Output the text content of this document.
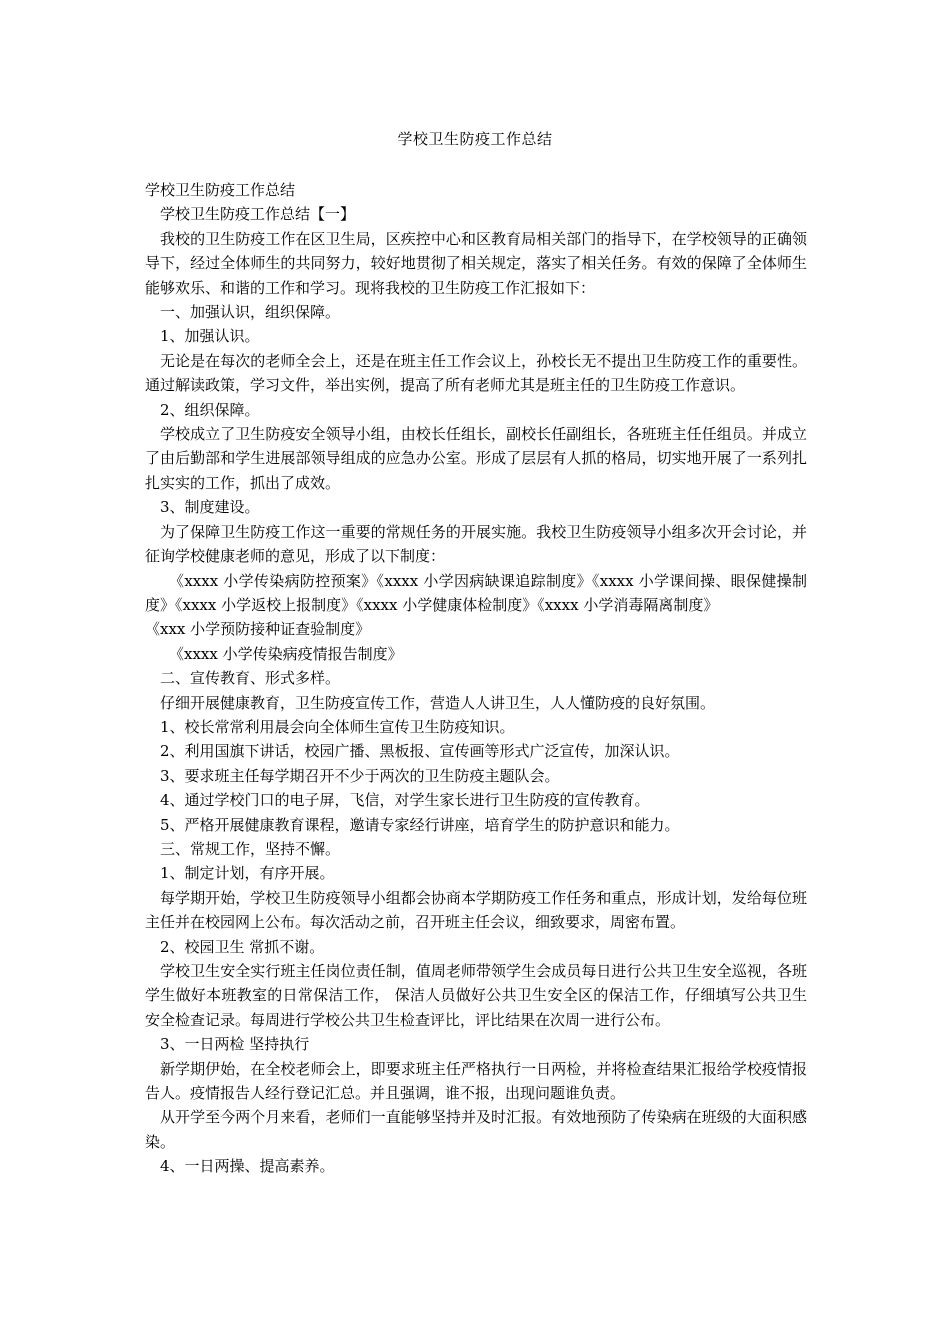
学校卫生防疫工作总结

学校卫生防疫工作总结

学校卫生防疫工作总结【一】

我校的卫生防疫工作在区卫生局，区疾控中心和区教育局相关部门的指导下，在学校领导的正确领导下，经过全体师生的共同努力，较好地贯彻了相关规定，落实了相关任务。有效的保障了全体师生能够欢乐、和谐的工作和学习。现将我校的卫生防疫工作汇报如下：

一、加强认识，组织保障。

1、加强认识。

无论是在每次的老师全会上，还是在班主任工作会议上，孙校长无不提出卫生防疫工作的重要性。通过解读政策，学习文件，举出实例，提高了所有老师尤其是班主任的卫生防疫工作意识。

2、组织保障。

学校成立了卫生防疫安全领导小组，由校长任组长，副校长任副组长，各班班主任任组员。并成立了由后勤部和学生进展部领导组成的应急办公室。形成了层层有人抓的格局，切实地开展了一系列扎扎实实的工作，抓出了成效。

3、制度建设。

为了保障卫生防疫工作这一重要的常规任务的开展实施。我校卫生防疫领导小组多次开会讨论，并征询学校健康老师的意见，形成了以下制度：

《xxxx 小学传染病防控预案》《xxxx 小学因病缺课追踪制度》《xxxx 小学课间操、眼保健操制度》《xxxx 小学返校上报制度》《xxxx 小学健康体检制度》《xxxx 小学消毒隔离制度》

《xxx 小学预防接种证查验制度》

《xxxx 小学传染病疫情报告制度》

二、宣传教育、形式多样。

仔细开展健康教育，卫生防疫宣传工作，营造人人讲卫生，人人懂防疫的良好氛围。

1、校长常常利用晨会向全体师生宣传卫生防疫知识。

2、利用国旗下讲话，校园广播、黑板报、宣传画等形式广泛宣传，加深认识。

3、要求班主任每学期召开不少于两次的卫生防疫主题队会。

4、通过学校门口的电子屏，飞信，对学生家长进行卫生防疫的宣传教育。

5、严格开展健康教育课程，邀请专家经行讲座，培育学生的防护意识和能力。

三、常规工作，坚持不懈。

1、制定计划，有序开展。

每学期开始，学校卫生防疫领导小组都会协商本学期防疫工作任务和重点，形成计划，发给每位班主任并在校园网上公布。每次活动之前，召开班主任会议，细致要求，周密布置。

2、校园卫生 常抓不谢。

学校卫生安全实行班主任岗位责任制，值周老师带领学生会成员每日进行公共卫生安全巡视，各班学生做好本班教室的日常保洁工作， 保洁人员做好公共卫生安全区的保洁工作，仔细填写公共卫生安全检查记录。每周进行学校公共卫生检查评比，评比结果在次周一进行公布。

3、一日两检 坚持执行

新学期伊始，在全校老师会上，即要求班主任严格执行一日两检，并将检查结果汇报给学校疫情报告人。疫情报告人经行登记汇总。并且强调，谁不报，出现问题谁负责。

从开学至今两个月来看，老师们一直能够坚持并及时汇报。有效地预防了传染病在班级的大面积感染。

4、一日两操、提高素养。
